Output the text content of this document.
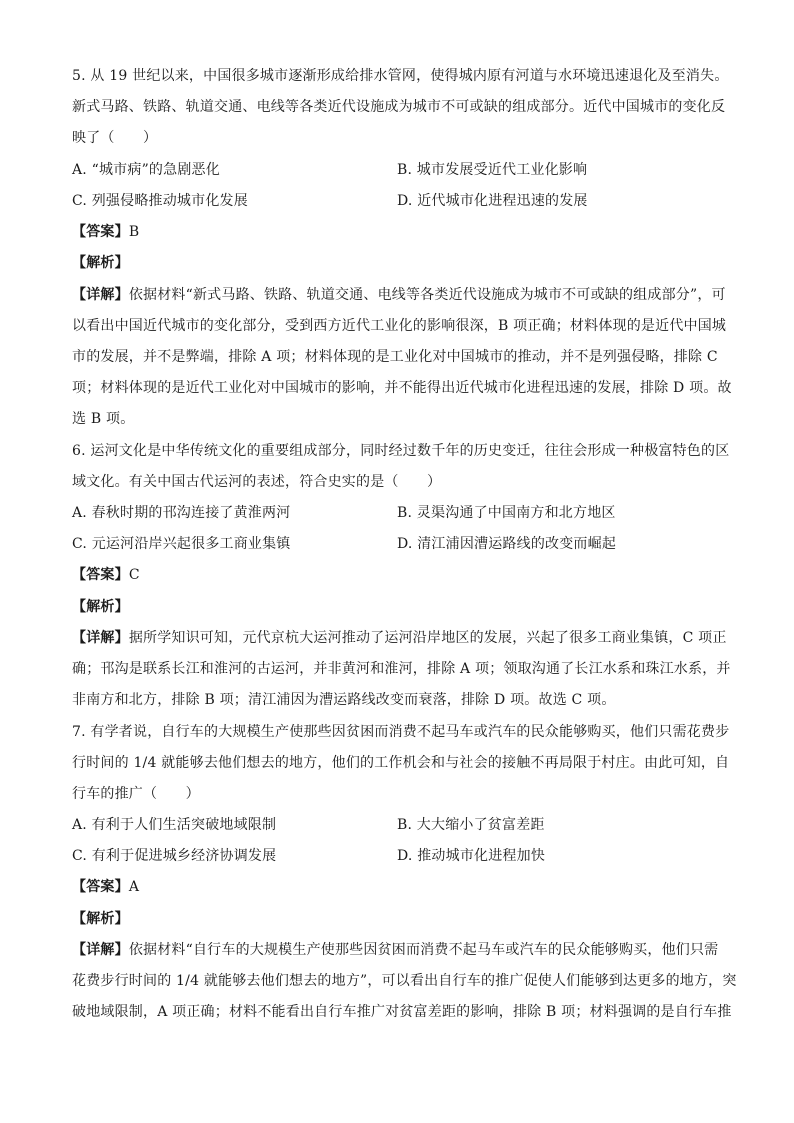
5. 从 19 世纪以来，中国很多城市逐渐形成给排水管网，使得城内原有河道与水环境迅速退化及至消失。
新式马路、铁路、轨道交通、电线等各类近代设施成为城市不可或缺的组成部分。近代中国城市的变化反
映了（　　）
A. “城市病”的急剧恶化	B. 城市发展受近代工业化影响
C. 列强侵略推动城市化发展	D. 近代城市化进程迅速的发展
【答案】B
【解析】
【详解】依据材料“新式马路、铁路、轨道交通、电线等各类近代设施成为城市不可或缺的组成部分”，可
以看出中国近代城市的变化部分，受到西方近代工业化的影响很深，B 项正确；材料体现的是近代中国城
市的发展，并不是弊端，排除 A 项；材料体现的是工业化对中国城市的推动，并不是列强侵略，排除 C
项；材料体现的是近代工业化对中国城市的影响，并不能得出近代城市化进程迅速的发展，排除 D 项。故
选 B 项。
6. 运河文化是中华传统文化的重要组成部分，同时经过数千年的历史变迁，往往会形成一种极富特色的区
域文化。有关中国古代运河的表述，符合史实的是（　　）
A. 春秋时期的邗沟连接了黄淮两河	B. 灵渠沟通了中国南方和北方地区
C. 元运河沿岸兴起很多工商业集镇	D. 清江浦因漕运路线的改变而崛起
【答案】C
【解析】
【详解】据所学知识可知，元代京杭大运河推动了运河沿岸地区的发展，兴起了很多工商业集镇，C 项正
确；邗沟是联系长江和淮河的古运河，并非黄河和淮河，排除 A 项；领取沟通了长江水系和珠江水系，并
非南方和北方，排除 B 项；清江浦因为漕运路线改变而衰落，排除 D 项。故选 C 项。
7. 有学者说，自行车的大规模生产使那些因贫困而消费不起马车或汽车的民众能够购买，他们只需花费步
行时间的 1/4 就能够去他们想去的地方，他们的工作机会和与社会的接触不再局限于村庄。由此可知，自
行车的推广（　　）
A. 有利于人们生活突破地域限制	B. 大大缩小了贫富差距
C. 有利于促进城乡经济协调发展	D. 推动城市化进程加快
【答案】A
【解析】
【详解】依据材料“自行车的大规模生产使那些因贫困而消费不起马车或汽车的民众能够购买，他们只需
花费步行时间的 1/4 就能够去他们想去的地方”，可以看出自行车的推广促使人们能够到达更多的地方，突
破地域限制，A 项正确；材料不能看出自行车推广对贫富差距的影响，排除 B 项；材料强调的是自行车推
